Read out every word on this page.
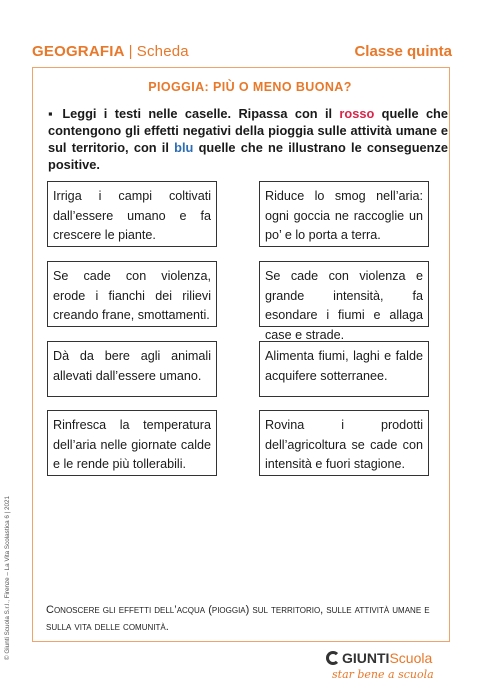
GEOGRAFIA | Scheda	Classe quinta
PIOGGIA: PIÙ O MENO BUONA?
▪ Leggi i testi nelle caselle. Ripassa con il rosso quelle che contengono gli effetti negativi della pioggia sulle attività umane e sul territorio, con il blu quelle che ne illustrano le conseguenze positive.
Irriga i campi coltivati dall’essere umano e fa crescere le piante.
Riduce lo smog nell’aria: ogni goccia ne raccoglie un po’ e lo porta a terra.
Se cade con violenza, erode i fianchi dei rilievi creando frane, smottamenti.
Se cade con violenza e grande intensità, fa esondare i fiumi e allaga case e strade.
Dà da bere agli animali allevati dall’essere umano.
Alimenta fiumi, laghi e falde acquifere sotterranee.
Rinfresca la temperatura dell’aria nelle giornate calde e le rende più tollerabili.
Rovina i prodotti dell’agricoltura se cade con intensità e fuori stagione.
Conoscere gli effetti dell’acqua (pioggia) sul territorio, sulle attività umane e sulla vita delle comunità.
© Giunti Scuola S.r.l., Firenze – La Vita Scolastica 6 | 2021	GIUNTIScuola
star bene a scuola
